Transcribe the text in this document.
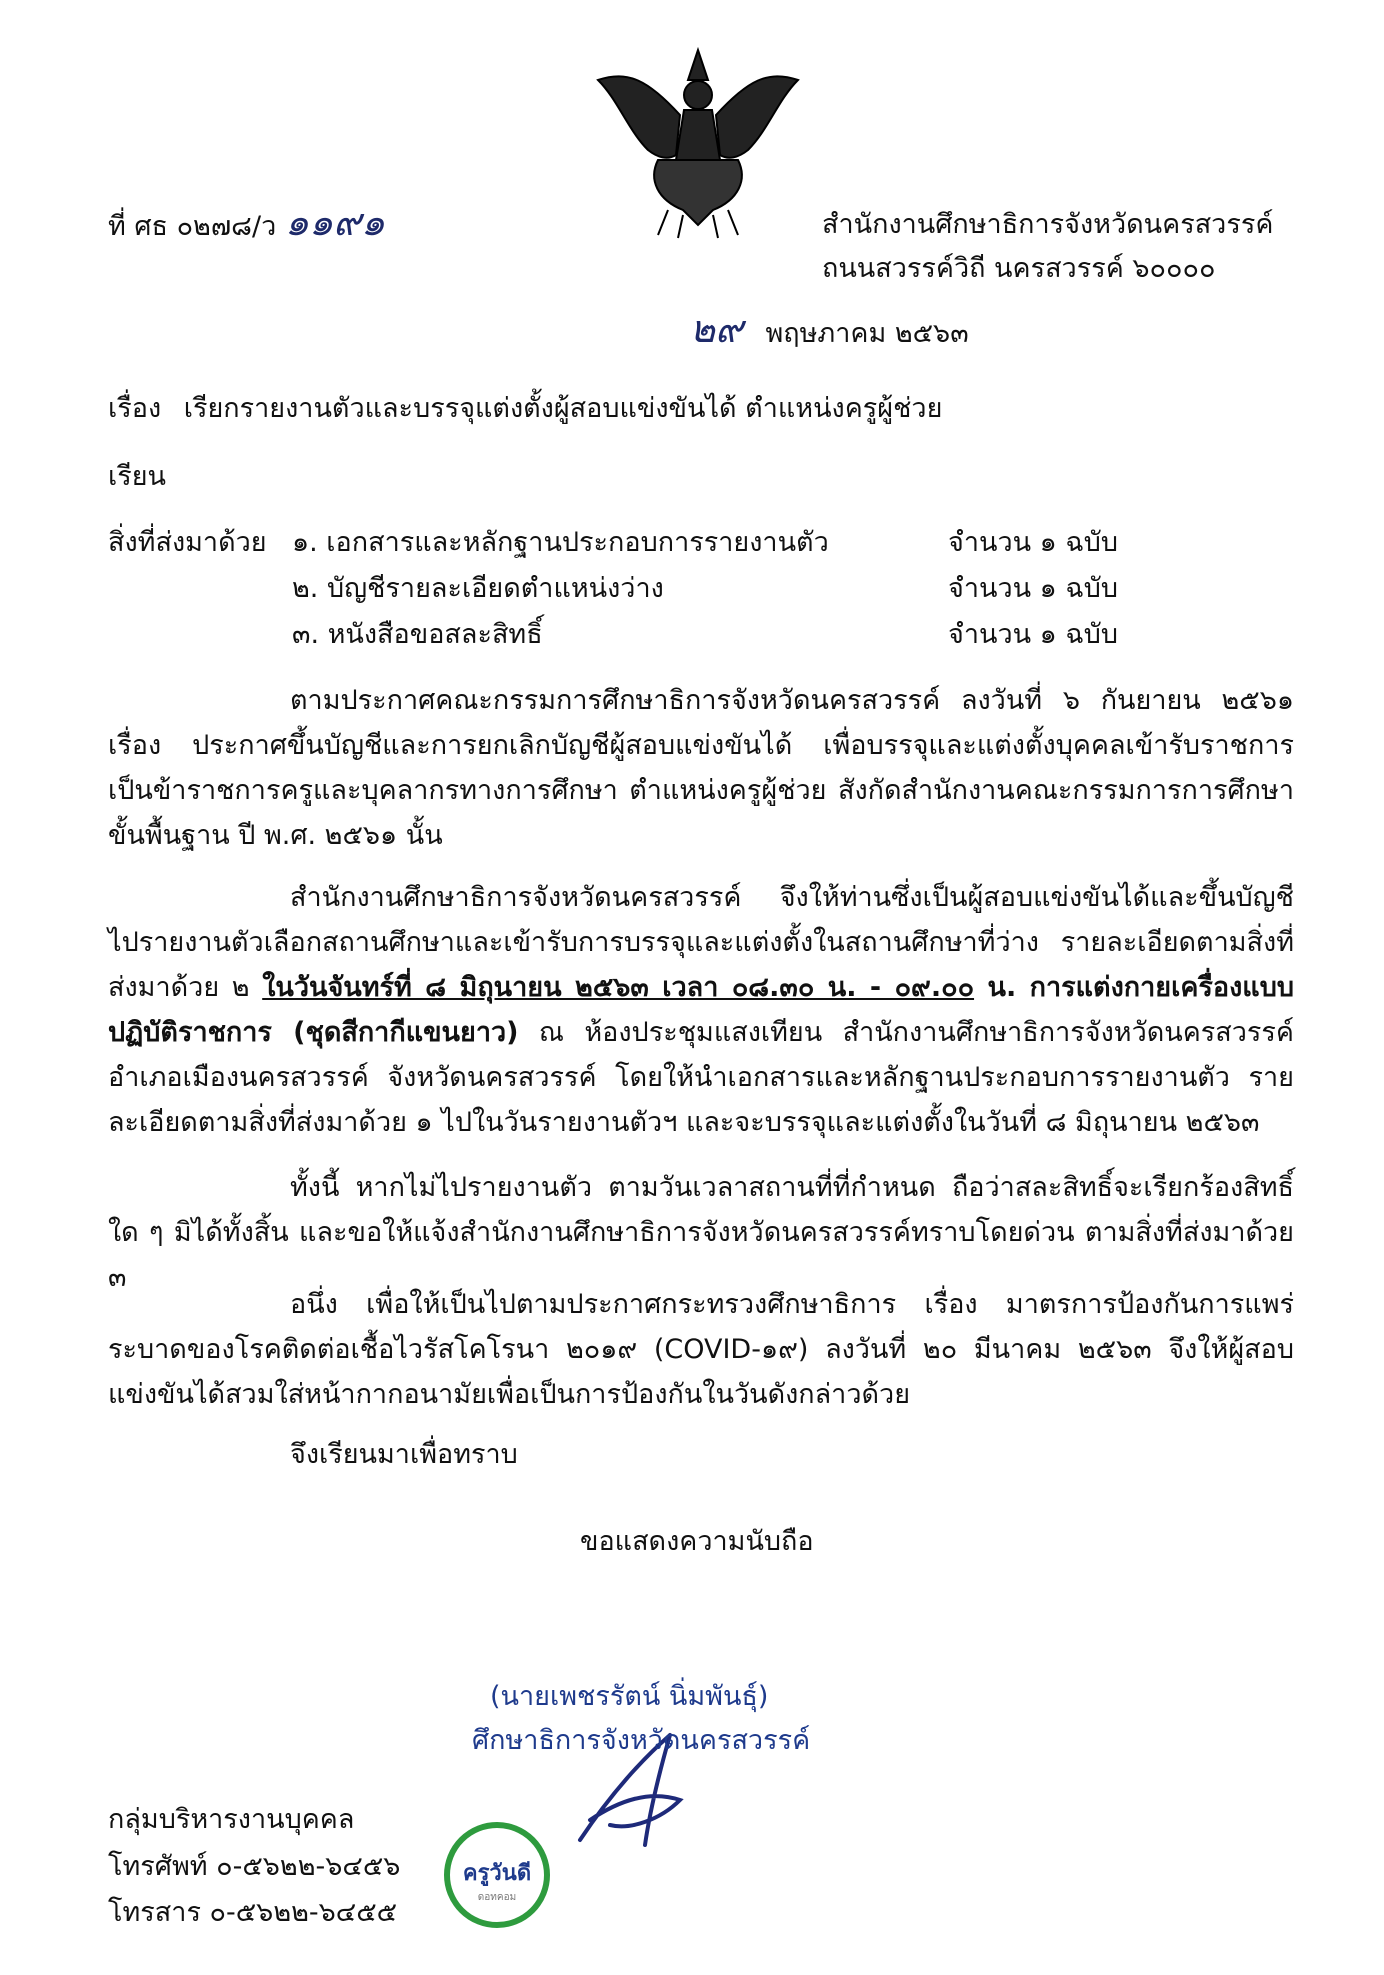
ที่ ศธ ๐๒๗๘/ว ๑๑๙๑	สำนักงานศึกษาธิการจังหวัดนครสวรรค์
ถนนสวรรค์วิถี นครสวรรค์ ๖๐๐๐๐
๒๙ พฤษภาคม ๒๕๖๓
เรื่อง เรียกรายงานตัวและบรรจุแต่งตั้งผู้สอบแข่งขันได้ ตำแหน่งครูผู้ช่วย
เรียน
สิ่งที่ส่งมาด้วย ๑. เอกสารและหลักฐานประกอบการรายงานตัว	จำนวน ๑ ฉบับ
๒. บัญชีรายละเอียดตำแหน่งว่าง	จำนวน ๑ ฉบับ
๓. หนังสือขอสละสิทธิ์	จำนวน ๑ ฉบับ
ตามประกาศคณะกรรมการศึกษาธิการจังหวัดนครสวรรค์ ลงวันที่ ๖ กันยายน ๒๕๖๑ เรื่อง ประกาศขึ้นบัญชีและการยกเลิกบัญชีผู้สอบแข่งขันได้ เพื่อบรรจุและแต่งตั้งบุคคลเข้ารับราชการเป็นข้าราชการครูและบุคลากรทางการศึกษา ตำแหน่งครูผู้ช่วย สังกัดสำนักงานคณะกรรมการการศึกษาขั้นพื้นฐาน ปี พ.ศ. ๒๕๖๑ นั้น
สำนักงานศึกษาธิการจังหวัดนครสวรรค์ จึงให้ท่านซึ่งเป็นผู้สอบแข่งขันได้และขึ้นบัญชีไปรายงานตัวเลือกสถานศึกษาและเข้ารับการบรรจุและแต่งตั้งในสถานศึกษาที่ว่าง รายละเอียดตามสิ่งที่ส่งมาด้วย ๒ ในวันจันทร์ที่ ๘ มิถุนายน ๒๕๖๓ เวลา ๐๘.๓๐ น. - ๐๙.๐๐ น. การแต่งกายเครื่องแบบปฏิบัติราชการ (ชุดสีกากีแขนยาว) ณ ห้องประชุมแสงเทียน สำนักงานศึกษาธิการจังหวัดนครสวรรค์ อำเภอเมืองนครสวรรค์ จังหวัดนครสวรรค์ โดยให้นำเอกสารและหลักฐานประกอบการรายงานตัว รายละเอียดตามสิ่งที่ส่งมาด้วย ๑ ไปในวันรายงานตัวฯ และจะบรรจุและแต่งตั้งในวันที่ ๘ มิถุนายน ๒๕๖๓
ทั้งนี้ หากไม่ไปรายงานตัว ตามวันเวลาสถานที่ที่กำหนด ถือว่าสละสิทธิ์จะเรียกร้องสิทธิ์ใด ๆ มิได้ทั้งสิ้น และขอให้แจ้งสำนักงานศึกษาธิการจังหวัดนครสวรรค์ทราบโดยด่วน ตามสิ่งที่ส่งมาด้วย ๓
อนึ่ง เพื่อให้เป็นไปตามประกาศกระทรวงศึกษาธิการ เรื่อง มาตรการป้องกันการแพร่ระบาดของโรคติดต่อเชื้อไวรัสโคโรนา ๒๐๑๙ (COVID-๑๙) ลงวันที่ ๒๐ มีนาคม ๒๕๖๓ จึงให้ผู้สอบแข่งขันได้สวมใส่หน้ากากอนามัยเพื่อเป็นการป้องกันในวันดังกล่าวด้วย
จึงเรียนมาเพื่อทราบ
ขอแสดงความนับถือ
(นายเพชรรัตน์ นิ่มพันธุ์)
ศึกษาธิการจังหวัดนครสวรรค์
กลุ่มบริหารงานบุคคล
โทรศัพท์ ๐-๕๖๒๒-๖๔๕๖
โทรสาร ๐-๕๖๒๒-๖๔๕๕
ครูวันดี
ดอทคอม
